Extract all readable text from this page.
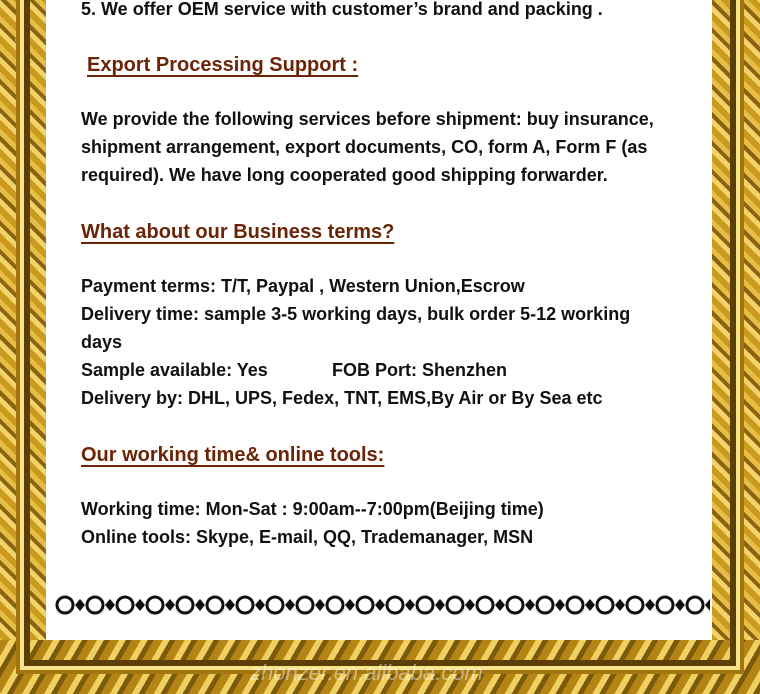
5. We offer OEM service with customer’s brand and packing .

Export Processing Support :

We provide the following services before shipment: buy insurance,

shipment arrangement, export documents, CO, form A, Form F (as

required). We have long cooperated good shipping forwarder.

What about our Business terms?

Payment terms: T/T, Paypal , Western Union,Escrow

Delivery time: sample 3-5 working days, bulk order 5-12 working

days

Sample available: Yes	FOB Port: Shenzhen

Delivery by: DHL, UPS, Fedex, TNT, EMS,By Air or By Sea etc

Our working time& online tools:

Working time: Mon-Sat : 9:00am--7:00pm(Beijing time)

Online tools: Skype, E-mail, QQ, Trademanager, MSN

zhonzer.en.alibaba.com
